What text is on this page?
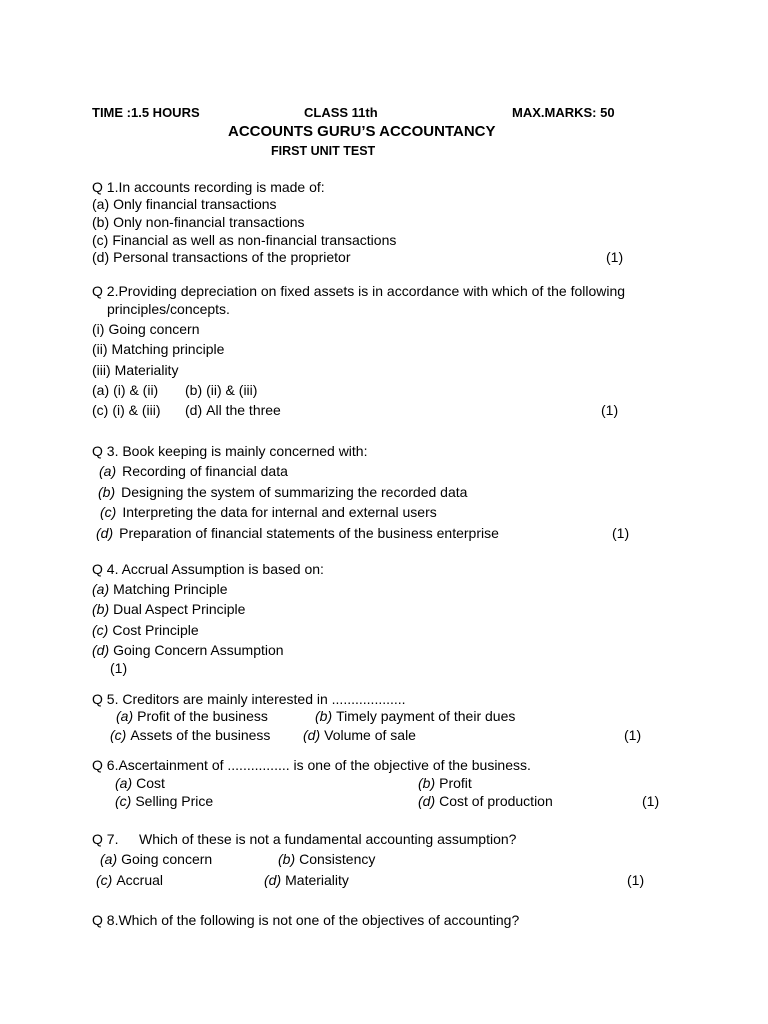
TIME :1.5 HOURS	CLASS 11th	MAX.MARKS: 50
ACCOUNTS GURU’S ACCOUNTANCY
FIRST UNIT TEST
Q 1.In accounts recording is made of:
(a) Only financial transactions
(b) Only non-financial transactions
(c) Financial as well as non-financial transactions
(d) Personal transactions of the proprietor	(1)
Q 2.Providing depreciation on fixed assets is in accordance with which of the following
principles/concepts.
(i) Going concern
(ii) Matching principle
(iii) Materiality
(a) (i) & (ii) (b) (ii) & (iii)
(c) (i) & (iii) (d) All the three	(1)
Q 3. Book keeping is mainly concerned with:
(a) Recording of financial data
(b) Designing the system of summarizing the recorded data
(c) Interpreting the data for internal and external users
(d) Preparation of financial statements of the business enterprise	(1)
Q 4. Accrual Assumption is based on:
(a) Matching Principle
(b) Dual Aspect Principle
(c) Cost Principle
(d) Going Concern Assumption
(1)
Q 5. Creditors are mainly interested in ...................
(a) Profit of the business	(b) Timely payment of their dues
(c) Assets of the business (d) Volume of sale	(1)
Q 6.Ascertainment of ................ is one of the objective of the business.
(a) Cost	(b) Profit
(c) Selling Price	(d) Cost of production	(1)
Q 7. Which of these is not a fundamental accounting assumption?
(a) Going concern	(b) Consistency
(c) Accrual	(d) Materiality	(1)
Q 8.Which of the following is not one of the objectives of accounting?
